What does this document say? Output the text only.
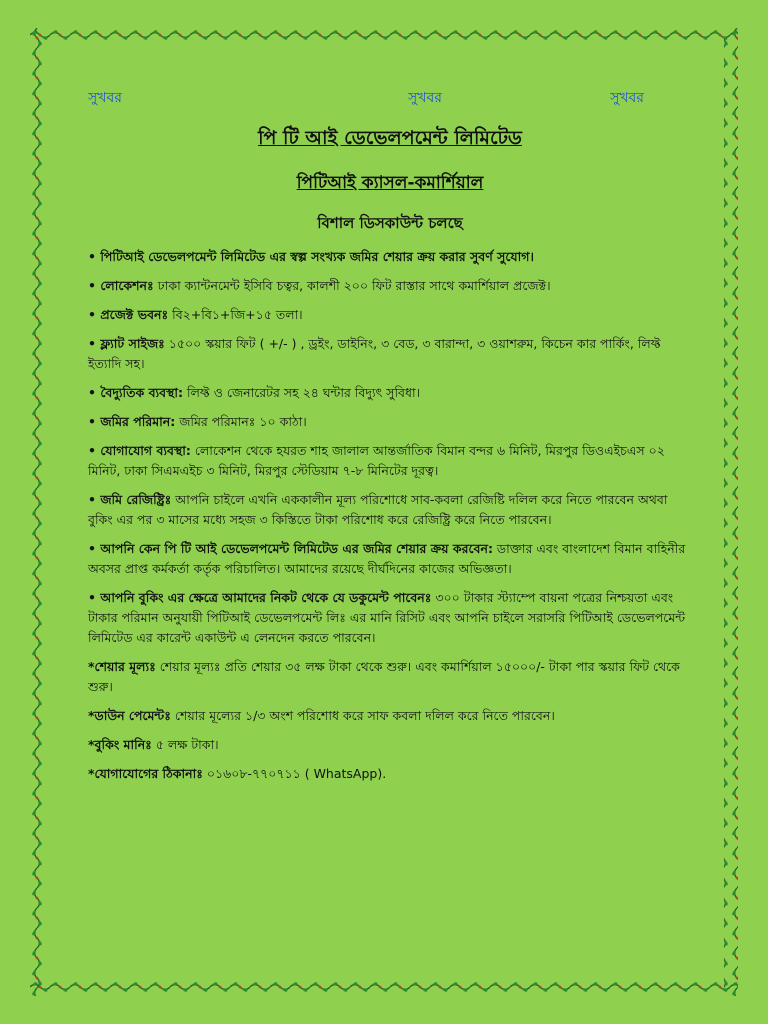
সুখবর	সুখবর	সুখবর
পি টি আই ডেভেলপমেন্ট লিমিটেড
পিটিআই ক্যাসল-কমার্শিয়াল
বিশাল ডিসকাউন্ট চলছে
• পিটিআই ডেভেলপমেন্ট লিমিটেড এর স্বল্প সংখ্যক জমির শেয়ার ক্রয় করার সুবর্ণ সুযোগ।
• লোকেশনঃ ঢাকা ক্যান্টনমেন্ট ইসিবি চত্বর, কালশী ২০০ ফিট রাস্তার সাথে কমার্শিয়াল প্রজেক্ট।
• প্রজেক্ট ভবনঃ বি২+বি১+জি+১৫ তলা।
• ফ্ল্যাট সাইজঃ ১৫০০ স্কয়ার ফিট ( +/- ) , ড্রইং, ডাইনিং, ৩ বেড, ৩ বারান্দা, ৩ ওয়াশরুম, কিচেন কার পার্কিং, লিফ্ট ইত্যাদি সহ।
• বৈদ্যুতিক ব্যবস্থা: লিফ্ট ও জেনারেটর সহ ২৪ ঘন্টার বিদ্যুৎ সুবিধা।
• জমির পরিমান: জমির পরিমানঃ ১০ কাঠা।
• যোগাযোগ ব্যবস্থা: লোকেশন থেকে হযরত শাহ জালাল আন্তর্জাতিক বিমান বন্দর ৬ মিনিট, মিরপুর ডিওএইচএস ০২ মিনিট, ঢাকা সিএমএইচ ৩ মিনিট, মিরপুর স্টেডিয়াম ৭-৮ মিনিটের দূরত্ব।
• জমি রেজিষ্ট্রিঃ আপনি চাইলে এখনি এককালীন মূল্য পরিশোধে সাব-কবলা রেজিষ্টি দলিল করে নিতে পারবেন অথবা বুকিং এর পর ৩ মাসের মধ্যে সহজ ৩ কিস্তিতে টাকা পরিশোধ করে রেজিষ্ট্রি করে নিতে পারবেন।
• আপনি কেন পি টি আই ডেভেলপমেন্ট লিমিটেড এর জমির শেয়ার ক্রয় করবেন: ডাক্তার এবং বাংলাদেশ বিমান বাহিনীর অবসর প্রাপ্ত কর্মকর্তা কর্তৃক পরিচালিত। আমাদের রয়েছে দীর্ঘদিনের কাজের অভিজ্ঞতা।
• আপনি বুকিং এর ক্ষেত্রে আমাদের নিকট থেকে যে ডকুমেন্ট পাবেনঃ ৩০০ টাকার স্ট্যাম্পে বায়না পত্রের নিশ্চয়তা এবং টাকার পরিমান অনুযায়ী পিটিআই ডেভেলপমেন্ট লিঃ এর মানি রিসিট এবং আপনি চাইলে সরাসরি পিটিআই ডেভেলপমেন্ট লিমিটেড এর কারেন্ট একাউন্ট এ লেনদেন করতে পারবেন।
*শেয়ার মূল্যঃ শেয়ার মূল্যঃ প্রতি শেয়ার ৩৫ লক্ষ টাকা থেকে শুরু। এবং কমার্শিয়াল ১৫০০০/- টাকা পার স্কয়ার ফিট থেকে শুরু।
*ডাউন পেমেন্টঃ শেয়ার মূল্যের ১/৩ অংশ পরিশোধ করে সাফ কবলা দলিল করে নিতে পারবেন।
*বুকিং মানিঃ ৫ লক্ষ টাকা।
*যোগাযোগের ঠিকানাঃ ০১৬০৮-৭৭০৭১১ ( WhatsApp).
